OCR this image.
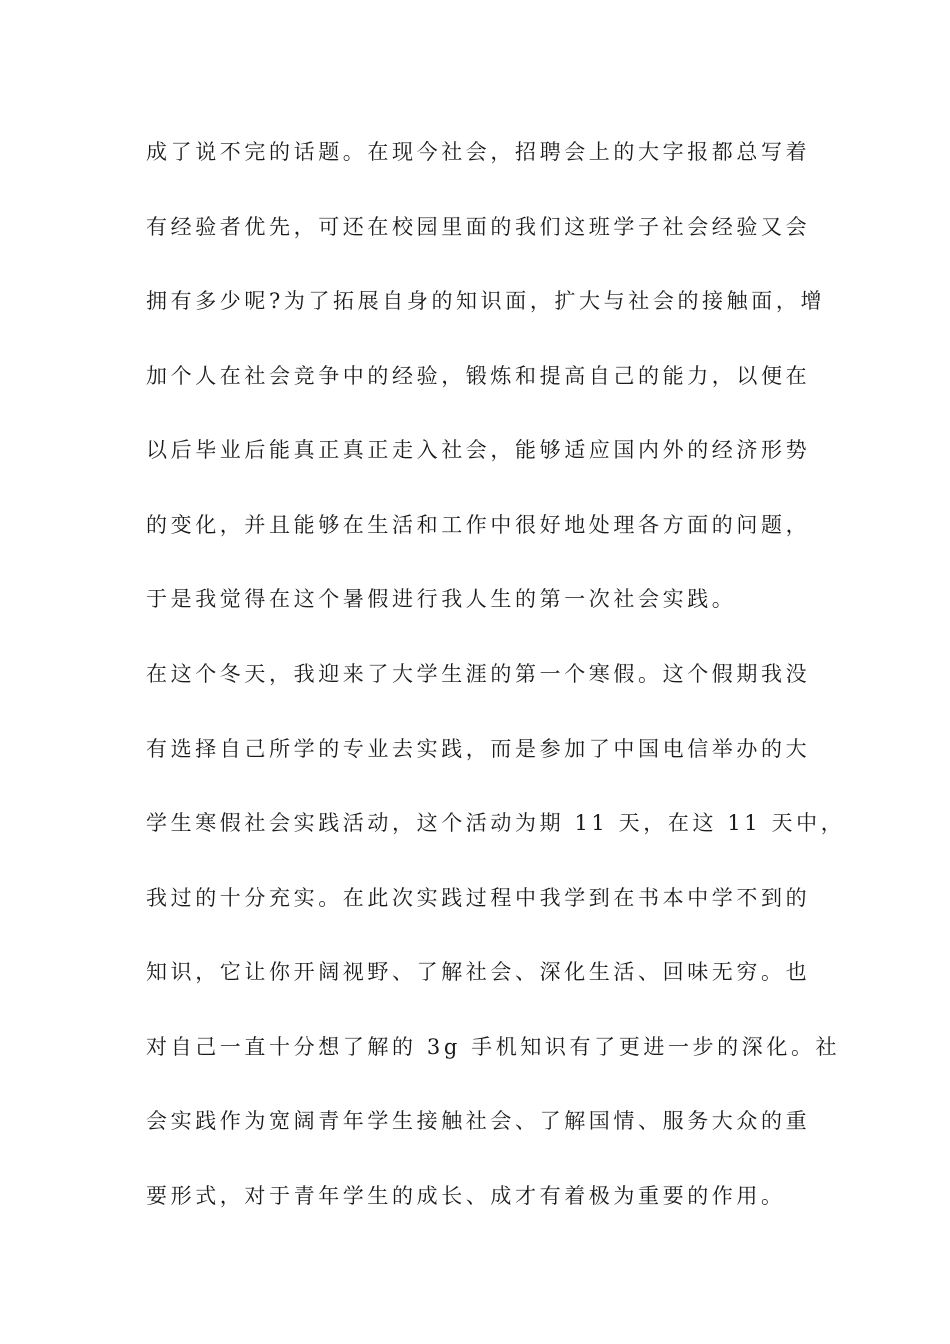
成了说不完的话题。在现今社会，招聘会上的大字报都总写着
有经验者优先，可还在校园里面的我们这班学子社会经验又会
拥有多少呢?为了拓展自身的知识面，扩大与社会的接触面，增
加个人在社会竞争中的经验，锻炼和提高自己的能力，以便在
以后毕业后能真正真正走入社会，能够适应国内外的经济形势
的变化，并且能够在生活和工作中很好地处理各方面的问题，
于是我觉得在这个暑假进行我人生的第一次社会实践。
在这个冬天，我迎来了大学生涯的第一个寒假。这个假期我没
有选择自己所学的专业去实践，而是参加了中国电信举办的大
学生寒假社会实践活动，这个活动为期 11 天，在这 11 天中，
我过的十分充实。在此次实践过程中我学到在书本中学不到的
知识，它让你开阔视野、了解社会、深化生活、回味无穷。也
对自己一直十分想了解的 3g 手机知识有了更进一步的深化。社
会实践作为宽阔青年学生接触社会、了解国情、服务大众的重
要形式，对于青年学生的成长、成才有着极为重要的作用。
